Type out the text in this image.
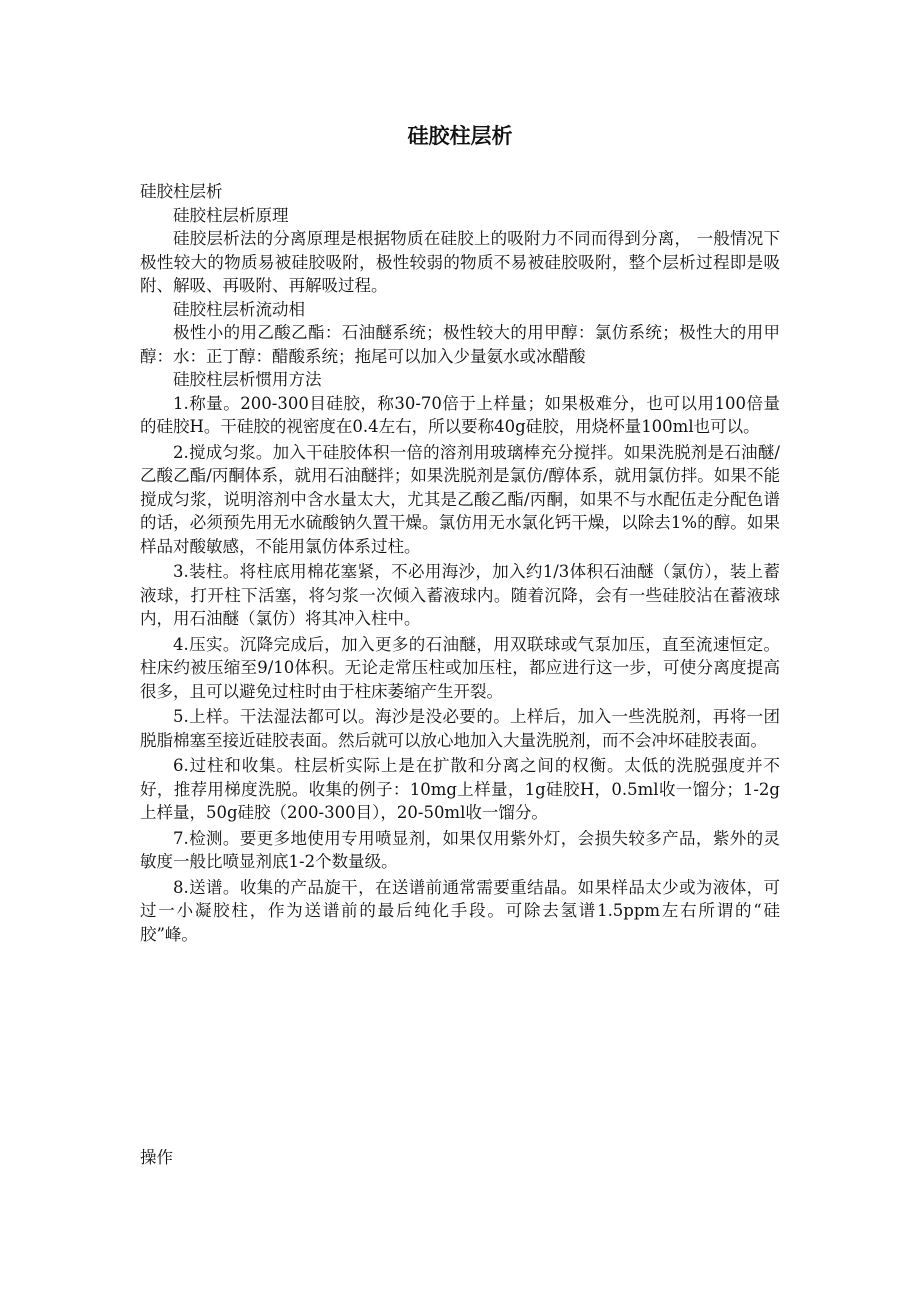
硅胶柱层析

硅胶柱层析

硅胶柱层析原理

硅胶层析法的分离原理是根据物质在硅胶上的吸附力不同而得到分离， 一般情况下极性较大的物质易被硅胶吸附，极性较弱的物质不易被硅胶吸附，整个层析过程即是吸附、解吸、再吸附、再解吸过程。

硅胶柱层析流动相

极性小的用乙酸乙酯：石油醚系统；极性较大的用甲醇：氯仿系统；极性大的用甲醇：水：正丁醇：醋酸系统；拖尾可以加入少量氨水或冰醋酸

硅胶柱层析惯用方法

1.称量。200-300目硅胶，称30-70倍于上样量；如果极难分，也可以用100倍量的硅胶H。干硅胶的视密度在0.4左右，所以要称40g硅胶，用烧杯量100ml也可以。

2.搅成匀浆。加入干硅胶体积一倍的溶剂用玻璃棒充分搅拌。如果洗脱剂是石油醚/乙酸乙酯/丙酮体系，就用石油醚拌；如果洗脱剂是氯仿/醇体系，就用氯仿拌。如果不能搅成匀浆，说明溶剂中含水量太大，尤其是乙酸乙酯/丙酮，如果不与水配伍走分配色谱的话，必须预先用无水硫酸钠久置干燥。氯仿用无水氯化钙干燥，以除去1%的醇。如果样品对酸敏感，不能用氯仿体系过柱。

3.装柱。将柱底用棉花塞紧，不必用海沙，加入约1/3体积石油醚（氯仿），装上蓄液球，打开柱下活塞，将匀浆一次倾入蓄液球内。随着沉降，会有一些硅胶沾在蓄液球内，用石油醚（氯仿）将其冲入柱中。

4.压实。沉降完成后，加入更多的石油醚，用双联球或气泵加压，直至流速恒定。柱床约被压缩至9/10体积。无论走常压柱或加压柱，都应进行这一步，可使分离度提高很多，且可以避免过柱时由于柱床萎缩产生开裂。

5.上样。干法湿法都可以。海沙是没必要的。上样后，加入一些洗脱剂，再将一团脱脂棉塞至接近硅胶表面。然后就可以放心地加入大量洗脱剂，而不会冲坏硅胶表面。

6.过柱和收集。柱层析实际上是在扩散和分离之间的权衡。太低的洗脱强度并不好，推荐用梯度洗脱。收集的例子：10mg上样量，1g硅胶H，0.5ml收一馏分；1-2g上样量，50g硅胶（200-300目），20-50ml收一馏分。

7.检测。要更多地使用专用喷显剂，如果仅用紫外灯，会损失较多产品，紫外的灵敏度一般比喷显剂底1-2个数量级。

8.送谱。收集的产品旋干，在送谱前通常需要重结晶。如果样品太少或为液体，可过一小凝胶柱，作为送谱前的最后纯化手段。可除去氢谱1.5ppm左右所谓的“硅胶”峰。

操作
